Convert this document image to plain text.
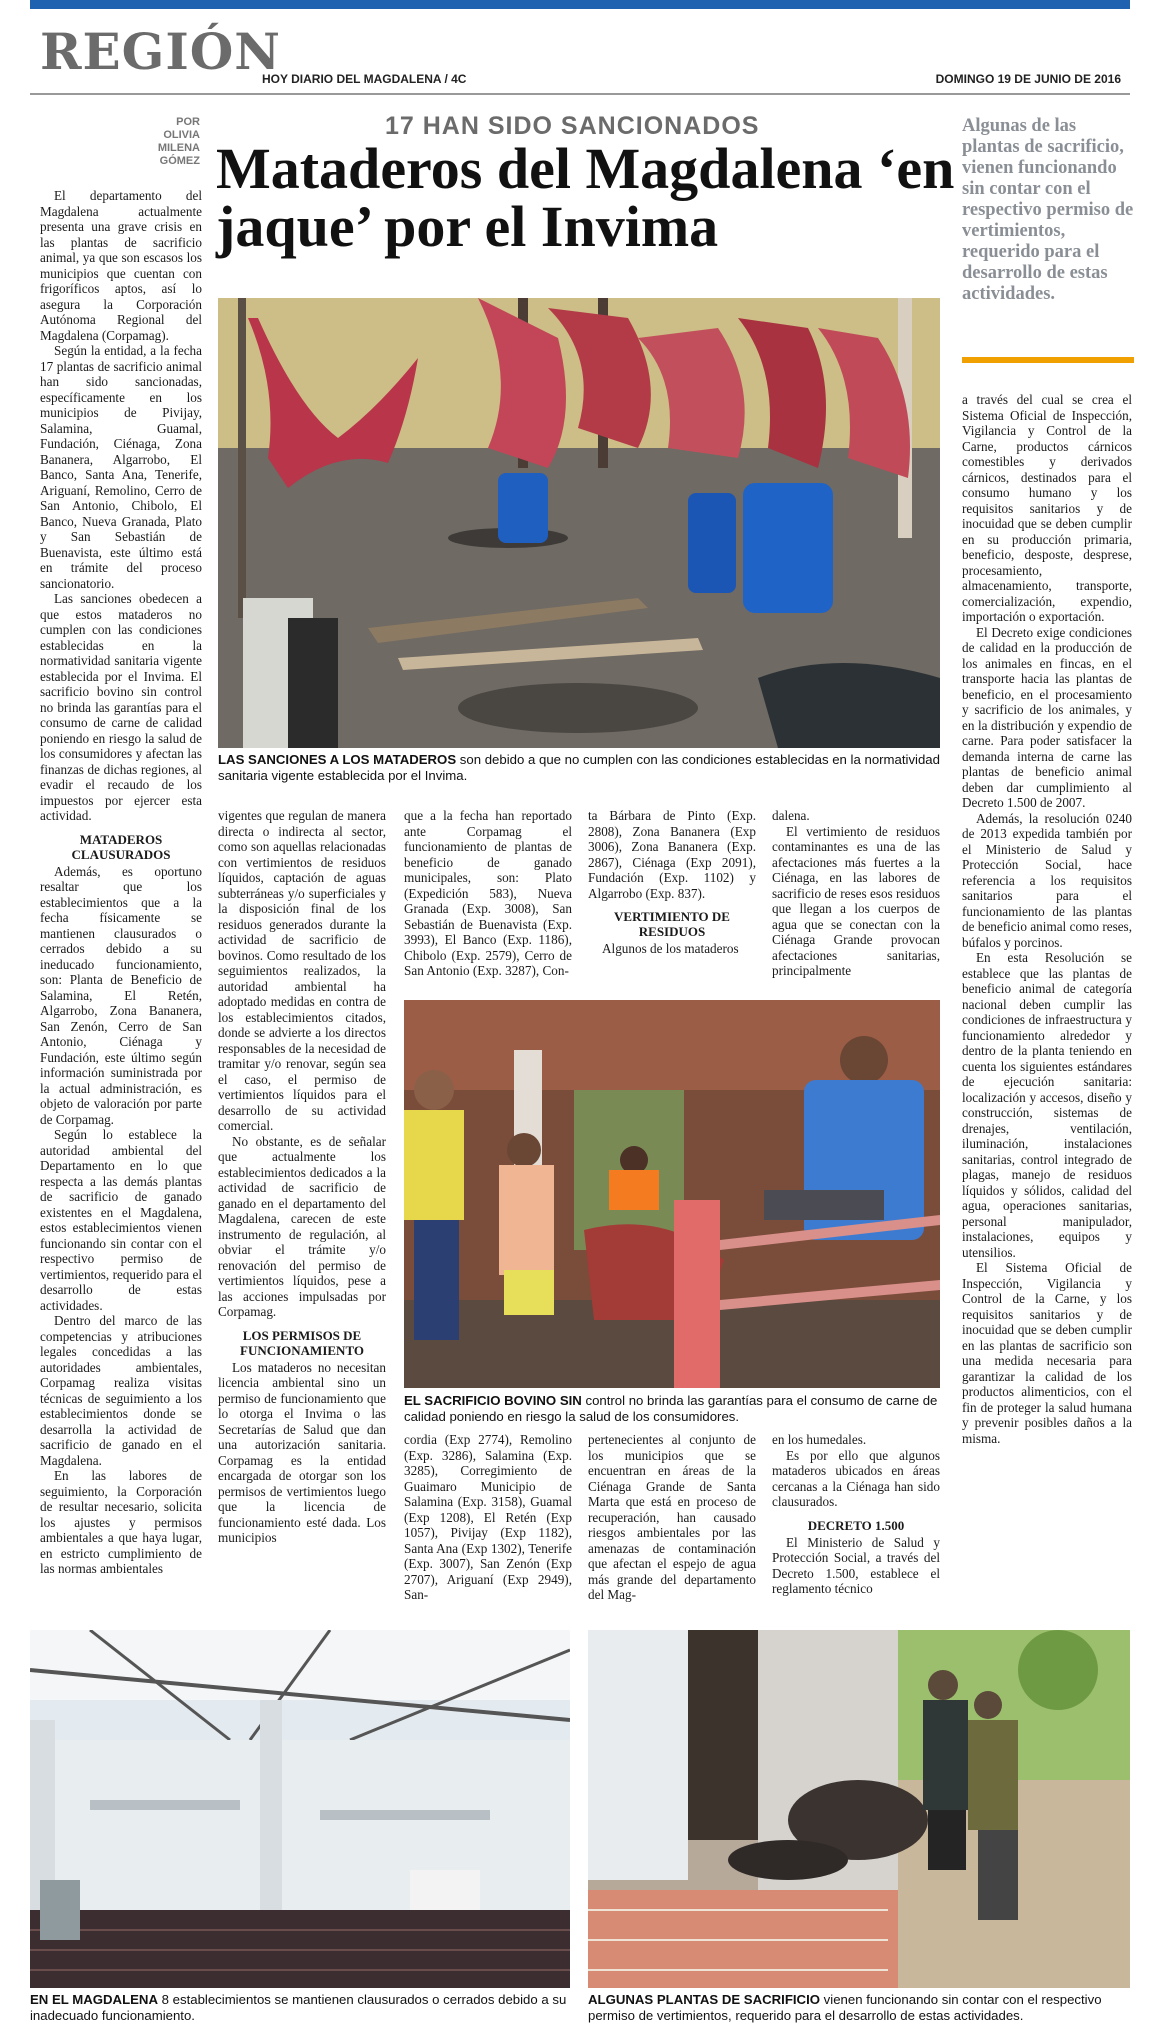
REGIÓN
HOY DIARIO DEL MAGDALENA / 4C	DOMINGO 19 DE JUNIO DE 2016
POR
OLIVIA
MILENA
GÓMEZ
17 HAN SIDO SANCIONADOS
Mataderos del Magdalena ‘en jaque’ por el Invima
Algunas de las plantas de sacrificio, vienen funcionando sin contar con el respectivo permiso de vertimientos, requerido para el desarrollo de estas actividades.
LAS SANCIONES A LOS MATADEROS son debido a que no cumplen con las condiciones establecidas en la normatividad sanitaria vigente establecida por el Invima.
EL SACRIFICIO BOVINO SIN control no brinda las garantías para el consumo de carne de calidad poniendo en riesgo la salud de los consumidores.
EN EL MAGDALENA 8 establecimientos se mantienen clausurados o cerrados debido a su inadecuado funcionamiento.
ALGUNAS PLANTAS DE SACRIFICIO vienen funcionando sin contar con el respectivo permiso de vertimientos, requerido para el desarrollo de estas actividades.

El departamento del Magdalena actualmente presenta una grave crisis en las plantas de sacrificio animal, ya que son escasos los municipios que cuentan con frigoríficos aptos, así lo asegura la Corporación Autónoma Regional del Magdalena (Corpamag).

Según la entidad, a la fecha 17 plantas de sacrificio animal han sido sancionadas, específicamente en los municipios de Pivijay, Salamina, Guamal, Fundación, Ciénaga, Zona Bananera, Algarrobo, El Banco, Santa Ana, Tenerife, Ariguaní, Remolino, Cerro de San Antonio, Chibolo, El Banco, Nueva Granada, Plato y San Sebastián de Buenavista, este último está en trámite del proceso sancionatorio.

Las sanciones obedecen a que estos mataderos no cumplen con las condiciones establecidas en la normatividad sanitaria vigente establecida por el Invima. El sacrificio bovino sin control no brinda las garantías para el consumo de carne de calidad poniendo en riesgo la salud de los consumidores y afectan las finanzas de dichas regiones, al evadir el recaudo de los impuestos por ejercer esta actividad.

MATADEROS CLAUSURADOS

Además, es oportuno resaltar que los establecimientos que a la fecha físicamente se mantienen clausurados o cerrados debido a su ineducado funcionamiento, son: Planta de Beneficio de Salamina, El Retén, Algarrobo, Zona Bananera, San Zenón, Cerro de San Antonio, Ciénaga y Fundación, este último según información suministrada por la actual administración, es objeto de valoración por parte de Corpamag.

Según lo establece la autoridad ambiental del Departamento en lo que respecta a las demás plantas de sacrificio de ganado existentes en el Magdalena, estos establecimientos vienen funcionando sin contar con el respectivo permiso de vertimientos, requerido para el desarrollo de estas actividades.

Dentro del marco de las competencias y atribuciones legales concedidas a las autoridades ambientales, Corpamag realiza visitas técnicas de seguimiento a los establecimientos donde se desarrolla la actividad de sacrificio de ganado en el Magdalena.

En las labores de seguimiento, la Corporación de resultar necesario, solicita los ajustes y permisos ambientales a que haya lugar, en estricto cumplimiento de las normas ambientales

vigentes que regulan de manera directa o indirecta al sector, como son aquellas relacionadas con vertimientos de residuos líquidos, captación de aguas subterráneas y/o superficiales y la disposición final de los residuos generados durante la actividad de sacrificio de bovinos. Como resultado de los seguimientos realizados, la autoridad ambiental ha adoptado medidas en contra de los establecimientos citados, donde se advierte a los directos responsables de la necesidad de tramitar y/o renovar, según sea el caso, el permiso de vertimientos líquidos para el desarrollo de su actividad comercial.

No obstante, es de señalar que actualmente los establecimientos dedicados a la actividad de sacrificio de ganado en el departamento del Magdalena, carecen de este instrumento de regulación, al obviar el trámite y/o renovación del permiso de vertimientos líquidos, pese a las acciones impulsadas por Corpamag.

LOS PERMISOS DE FUNCIONAMIENTO

Los mataderos no necesitan licencia ambiental sino un permiso de funcionamiento que lo otorga el Invima o las Secretarías de Salud que dan una autorización sanitaria. Corpamag es la entidad encargada de otorgar son los permisos de vertimientos luego que la licencia de funcionamiento esté dada. Los municipios

que a la fecha han reportado ante Corpamag el funcionamiento de plantas de beneficio de ganado municipales, son: Plato (Expedición 583), Nueva Granada (Exp. 3008), San Sebastián de Buenavista (Exp. 3993), El Banco (Exp. 1186), Chibolo (Exp. 2579), Cerro de San Antonio (Exp. 3287), Con-

ta Bárbara de Pinto (Exp. 2808), Zona Bananera (Exp 3006), Zona Bananera (Exp. 2867), Ciénaga (Exp 2091), Fundación (Exp. 1102) y Algarrobo (Exp. 837).

VERTIMIENTO DE RESIDUOS

Algunos de los mataderos

dalena.

El vertimiento de residuos contaminantes es una de las afectaciones más fuertes a la Ciénaga, en las labores de sacrificio de reses esos residuos que llegan a los cuerpos de agua que se conectan con la Ciénaga Grande provocan afectaciones sanitarias, principalmente

cordia (Exp 2774), Remolino (Exp. 3286), Salamina (Exp. 3285), Corregimiento de Guaimaro Municipio de Salamina (Exp. 3158), Guamal (Exp 1208), El Retén (Exp 1057), Pivijay (Exp 1182), Santa Ana (Exp 1302), Tenerife (Exp. 3007), San Zenón (Exp 2707), Ariguaní (Exp 2949), San-

pertenecientes al conjunto de los municipios que se encuentran en áreas de la Ciénaga Grande de Santa Marta que está en proceso de recuperación, han causado riesgos ambientales por las amenazas de contaminación que afectan el espejo de agua más grande del departamento del Mag-

en los humedales.

Es por ello que algunos mataderos ubicados en áreas cercanas a la Ciénaga han sido clausurados.

DECRETO 1.500

El Ministerio de Salud y Protección Social, a través del Decreto 1.500, establece el reglamento técnico

a través del cual se crea el Sistema Oficial de Inspección, Vigilancia y Control de la Carne, productos cárnicos comestibles y derivados cárnicos, destinados para el consumo humano y los requisitos sanitarios y de inocuidad que se deben cumplir en su producción primaria, beneficio, desposte, desprese, procesamiento, almacenamiento, transporte, comercialización, expendio, importación o exportación.

El Decreto exige condiciones de calidad en la producción de los animales en fincas, en el transporte hacia las plantas de beneficio, en el procesamiento y sacrificio de los animales, y en la distribución y expendio de carne. Para poder satisfacer la demanda interna de carne las plantas de beneficio animal deben dar cumplimiento al Decreto 1.500 de 2007.

Además, la resolución 0240 de 2013 expedida también por el Ministerio de Salud y Protección Social, hace referencia a los requisitos sanitarios para el funcionamiento de las plantas de beneficio animal como reses, búfalos y porcinos.

En esta Resolución se establece que las plantas de beneficio animal de categoría nacional deben cumplir las condiciones de infraestructura y funcionamiento alrededor y dentro de la planta teniendo en cuenta los siguientes estándares de ejecución sanitaria: localización y accesos, diseño y construcción, sistemas de drenajes, ventilación, iluminación, instalaciones sanitarias, control integrado de plagas, manejo de residuos líquidos y sólidos, calidad del agua, operaciones sanitarias, personal manipulador, instalaciones, equipos y utensilios.

El Sistema Oficial de Inspección, Vigilancia y Control de la Carne, y los requisitos sanitarios y de inocuidad que se deben cumplir en las plantas de sacrificio son una medida necesaria para garantizar la calidad de los productos alimenticios, con el fin de proteger la salud humana y prevenir posibles daños a la misma.
